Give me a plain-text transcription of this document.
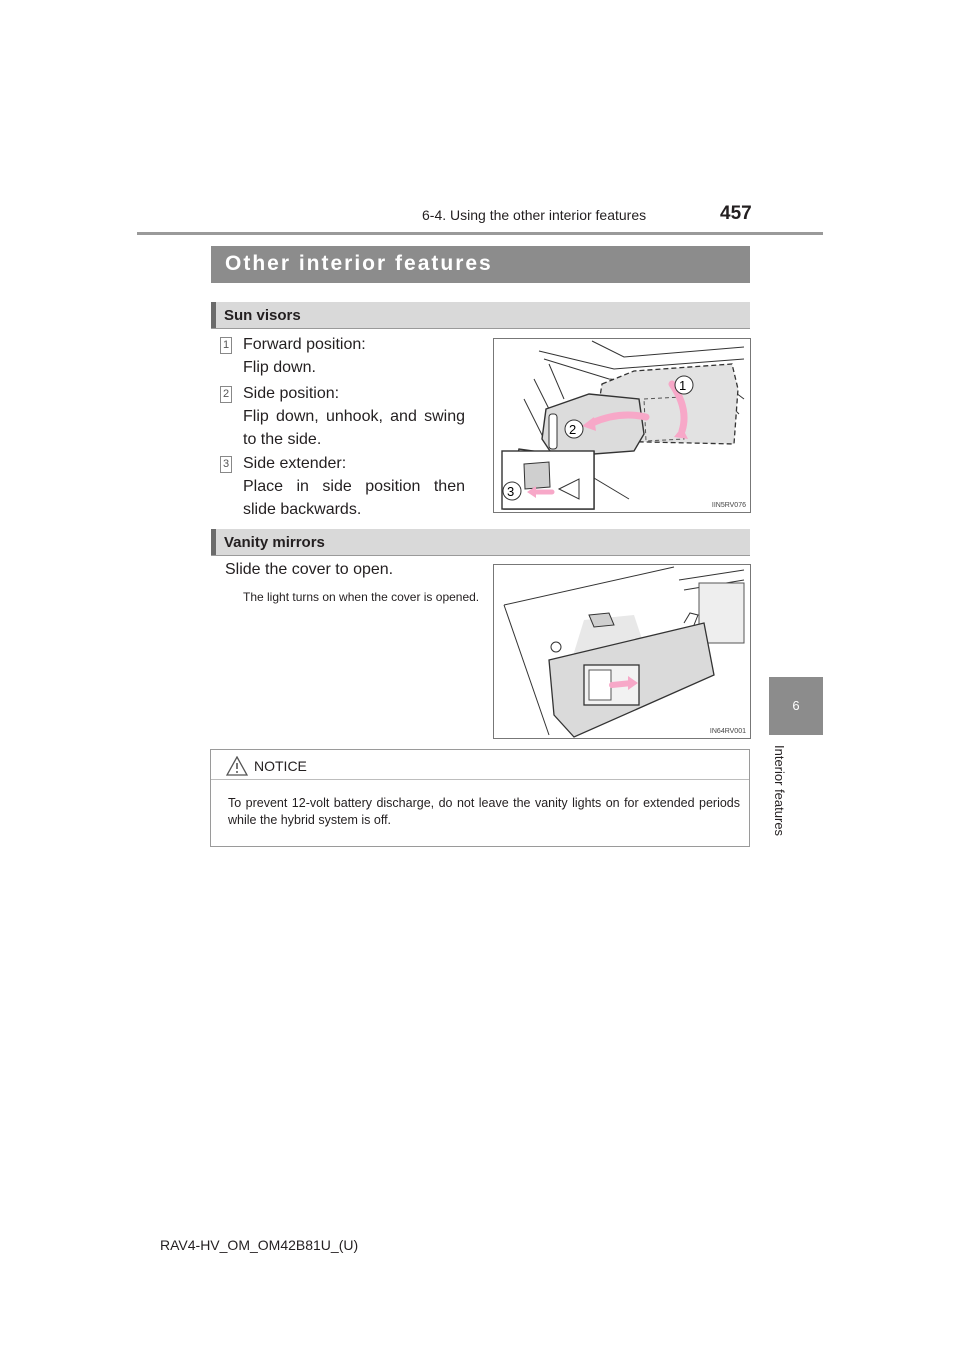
6-4. Using the other interior features	457
6
Interior features
Other interior features
Sun visors
1 Forward position:

Flip down.

2 Side position:

Flip down, unhook, and swing to the side.

3 Side extender:

Place in side position then slide backwards.

1
2
3
IIN5RV076
Vanity mirrors
Slide the cover to open.
The light turns on when the cover is opened.
IN64RV001
NOTICE
To prevent 12-volt battery discharge, do not leave the vanity lights on for extended periods while the hybrid system is off.
RAV4-HV_OM_OM42B81U_(U)
